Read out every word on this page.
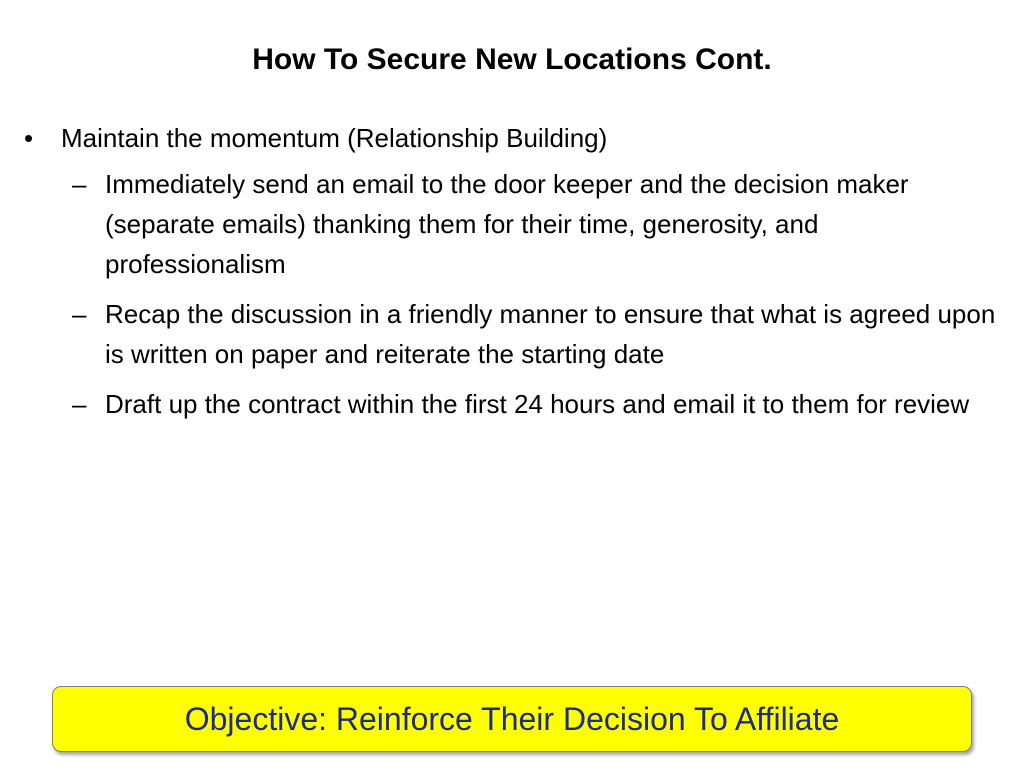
How To Secure New Locations Cont.
•	Maintain the momentum (Relationship Building)
– Immediately send an email to the door keeper and the decision maker (separate emails) thanking them for their time, generosity, and professionalism
– Recap the discussion in a friendly manner to ensure that what is agreed upon is written on paper and reiterate the starting date
– Draft up the contract within the first 24 hours and email it to them for review
Objective: Reinforce Their Decision To Affiliate
